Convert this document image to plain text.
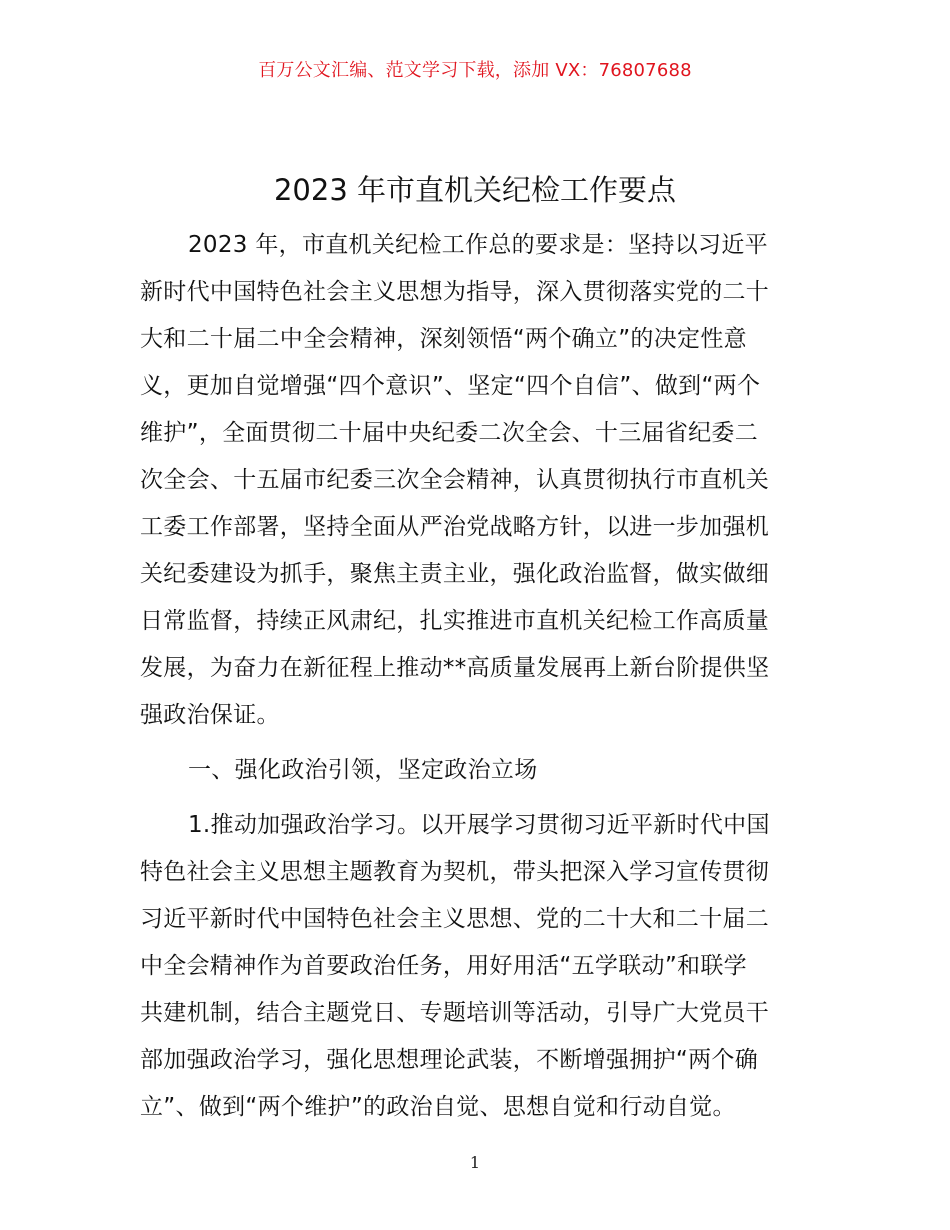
百万公文汇编、范文学习下载，添加 VX：76807688
2023 年市直机关纪检工作要点
2023 年，市直机关纪检工作总的要求是：坚持以习近平
新时代中国特色社会主义思想为指导，深入贯彻落实党的二十
大和二十届二中全会精神，深刻领悟“两个确立”的决定性意
义，更加自觉增强“四个意识”、坚定“四个自信”、做到“两个
维护”，全面贯彻二十届中央纪委二次全会、十三届省纪委二
次全会、十五届市纪委三次全会精神，认真贯彻执行市直机关
工委工作部署，坚持全面从严治党战略方针，以进一步加强机
关纪委建设为抓手，聚焦主责主业，强化政治监督，做实做细
日常监督，持续正风肃纪，扎实推进市直机关纪检工作高质量
发展，为奋力在新征程上推动**高质量发展再上新台阶提供坚
强政治保证。
一、强化政治引领，坚定政治立场
1.推动加强政治学习。以开展学习贯彻习近平新时代中国
特色社会主义思想主题教育为契机，带头把深入学习宣传贯彻
习近平新时代中国特色社会主义思想、党的二十大和二十届二
中全会精神作为首要政治任务，用好用活“五学联动”和联学
共建机制，结合主题党日、专题培训等活动，引导广大党员干
部加强政治学习，强化思想理论武装，不断增强拥护“两个确
立”、做到“两个维护”的政治自觉、思想自觉和行动自觉。
1
